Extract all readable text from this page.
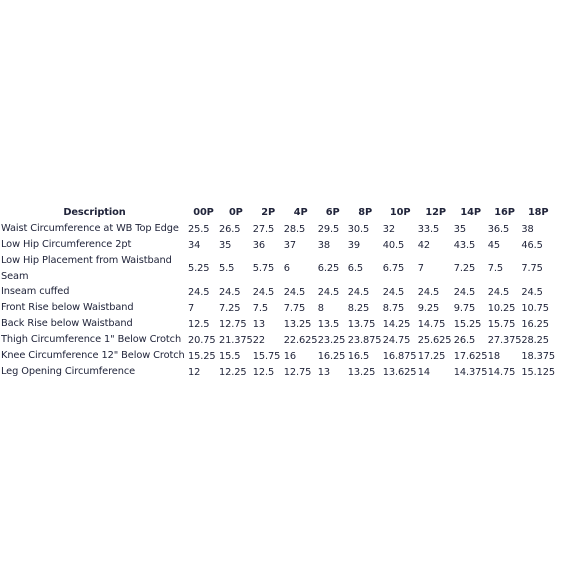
Description	00P	0P	2P	4P	6P	8P	10P	12P	14P	16P	18P
Waist Circumference at WB Top Edge	25.5	26.5	27.5	28.5	29.5	30.5	32	33.5	35	36.5	38
Low Hip Circumference 2pt	34	35	36	37	38	39	40.5	42	43.5	45	46.5
Low Hip Placement from Waistband Seam	5.25	5.5	5.75	6	6.25	6.5	6.75	7	7.25	7.5	7.75
Inseam cuffed	24.5	24.5	24.5	24.5	24.5	24.5	24.5	24.5	24.5	24.5	24.5
Front Rise below Waistband	7	7.25	7.5	7.75	8	8.25	8.75	9.25	9.75	10.25	10.75
Back Rise below Waistband	12.5	12.75	13	13.25	13.5	13.75	14.25	14.75	15.25	15.75	16.25
Thigh Circumference 1" Below Crotch	20.75	21.375	22	22.625	23.25	23.875	24.75	25.625	26.5	27.375	28.25
Knee Circumference 12" Below Crotch	15.25	15.5	15.75	16	16.25	16.5	16.875	17.25	17.625	18	18.375
Leg Opening Circumference	12	12.25	12.5	12.75	13	13.25	13.625	14	14.375	14.75	15.125
